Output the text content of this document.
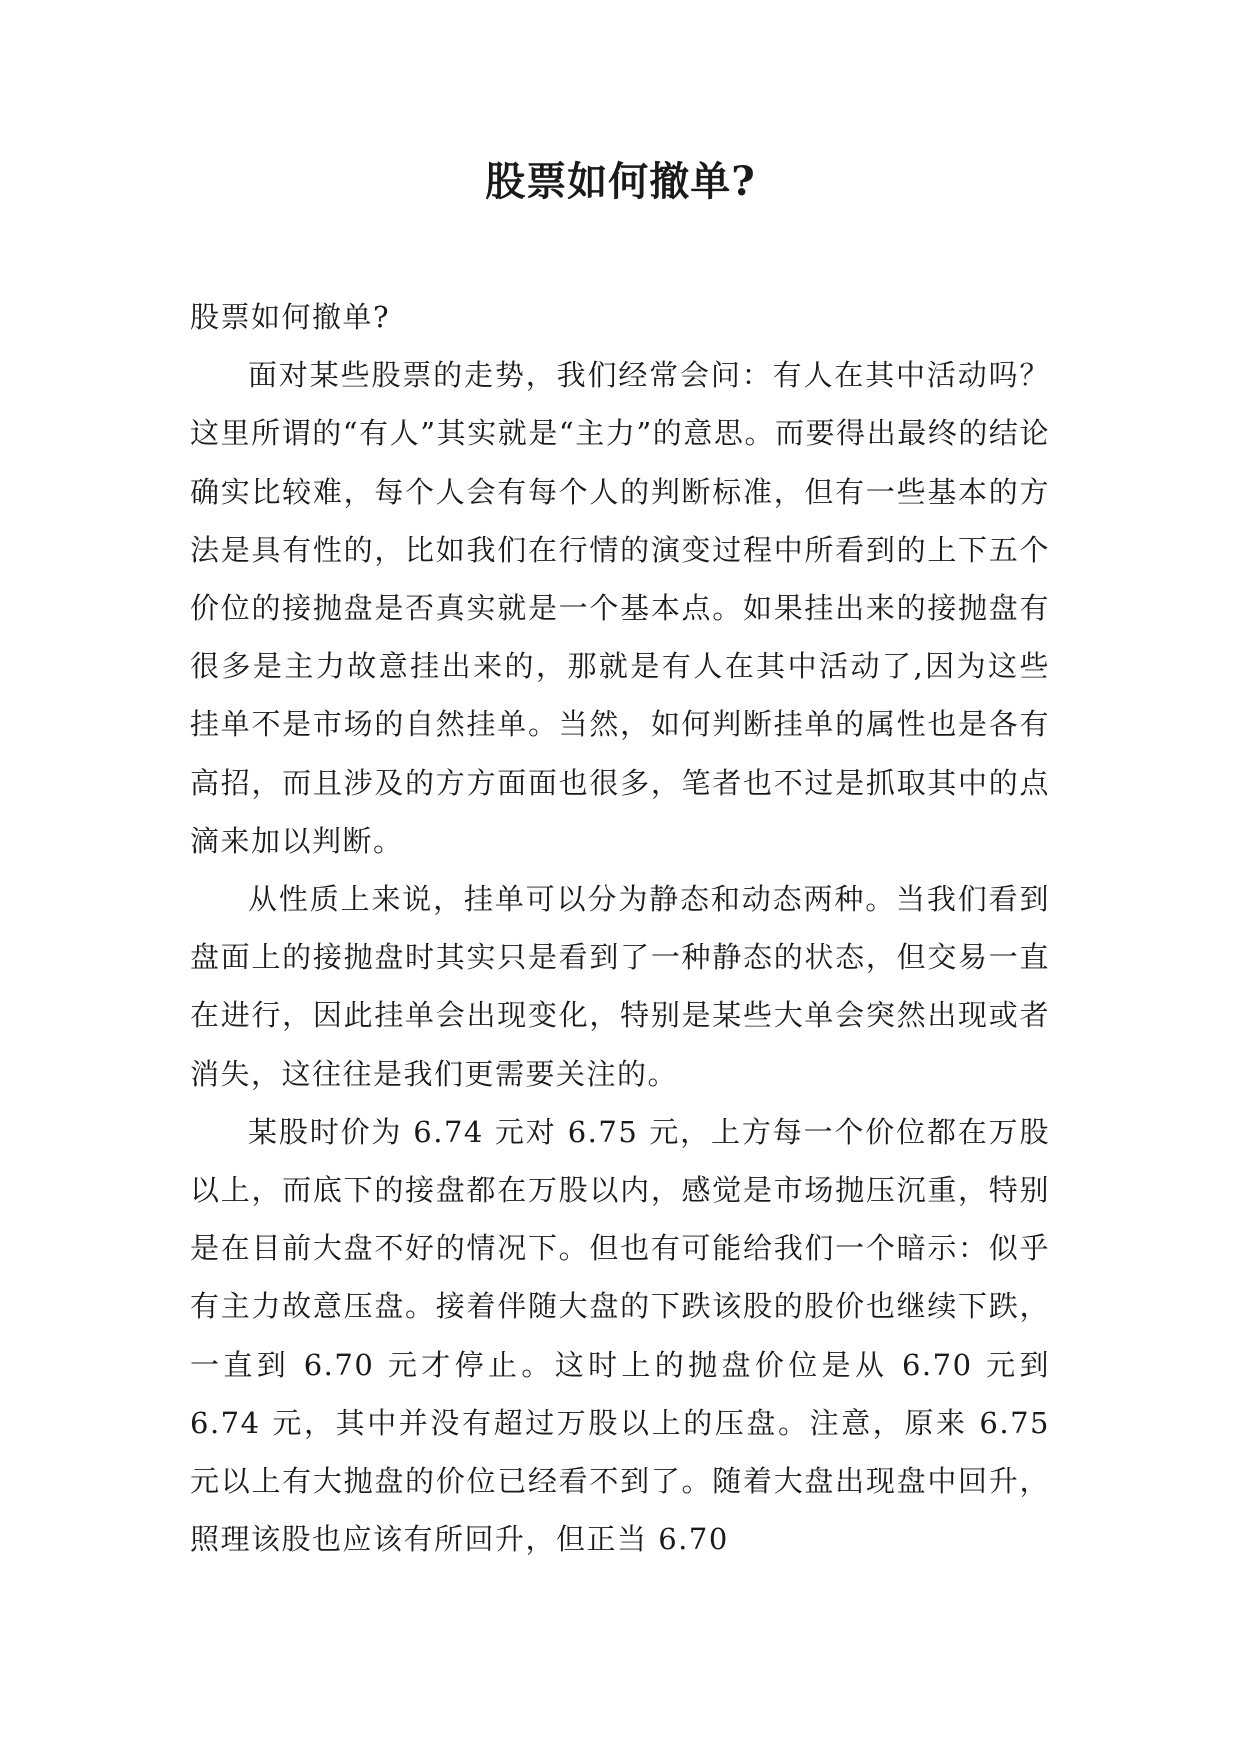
股票如何撤单?

股票如何撤单?

面对某些股票的走势，我们经常会问：有人在其中活动吗？这里所谓的“有人”其实就是“主力”的意思。而要得出最终的结论确实比较难，每个人会有每个人的判断标准，但有一些基本的方法是具有性的，比如我们在行情的演变过程中所看到的上下五个价位的接抛盘是否真实就是一个基本点。如果挂出来的接抛盘有很多是主力故意挂出来的，那就是有人在其中活动了,因为这些挂单不是市场的自然挂单。当然，如何判断挂单的属性也是各有高招，而且涉及的方方面面也很多，笔者也不过是抓取其中的点滴来加以判断。

从性质上来说，挂单可以分为静态和动态两种。当我们看到盘面上的接抛盘时其实只是看到了一种静态的状态，但交易一直在进行，因此挂单会出现变化，特别是某些大单会突然出现或者消失，这往往是我们更需要关注的。

某股时价为 6.74 元对 6.75 元，上方每一个价位都在万股以上，而底下的接盘都在万股以内，感觉是市场抛压沉重，特别是在目前大盘不好的情况下。但也有可能给我们一个暗示：似乎有主力故意压盘。接着伴随大盘的下跌该股的股价也继续下跌，一直到 6.70 元才停止。这时上的抛盘价位是从 6.70 元到 6.74 元，其中并没有超过万股以上的压盘。注意，原来 6.75 元以上有大抛盘的价位已经看不到了。随着大盘出现盘中回升，照理该股也应该有所回升，但正当 6.70
